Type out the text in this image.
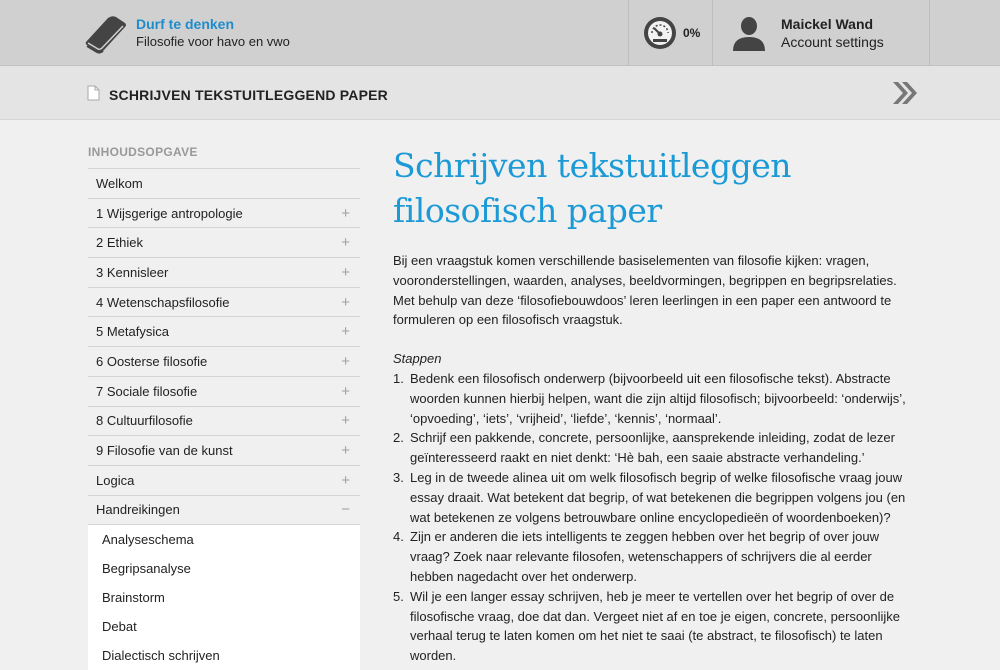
Durf te denken
Filosofie voor havo en vwo
0%
Maickel Wand
Account settings
SCHRIJVEN TEKSTUITLEGGEND PAPER
INHOUDSOPGAVE
Welkom
1 Wijsgerige antropologie	+
2 Ethiek	+
3 Kennisleer	+
4 Wetenschapsfilosofie	+
5 Metafysica	+
6 Oosterse filosofie	+
7 Sociale filosofie	+
8 Cultuurfilosofie	+
9 Filosofie van de kunst	+
Logica	+
Handreikingen	−
Analyseschema
Begripsanalyse
Brainstorm
Debat
Dialectisch schrijven
Schrijven tekstuitleggen filosofisch paper

Bij een vraagstuk komen verschillende basiselementen van filosofie kijken: vragen, vooronderstellingen, waarden, analyses, beeldvormingen, begrippen en begripsrelaties. Met behulp van deze ‘filosofiebouwdoos’ leren leerlingen in een paper een antwoord te formuleren op een filosofisch vraagstuk.

Stappen
1. Bedenk een filosofisch onderwerp (bijvoorbeeld uit een filosofische tekst). Abstracte woorden kunnen hierbij helpen, want die zijn altijd filosofisch; bijvoorbeeld: ‘onderwijs’, ‘opvoeding’, ‘iets’, ‘vrijheid’, ‘liefde’, ‘kennis’, ‘normaal’.
2. Schrijf een pakkende, concrete, persoonlijke, aansprekende inleiding, zodat de lezer geïnteresseerd raakt en niet denkt: ‘Hè bah, een saaie abstracte verhandeling.’
3. Leg in de tweede alinea uit om welk filosofisch begrip of welke filosofische vraag jouw essay draait. Wat betekent dat begrip, of wat betekenen die begrippen volgens jou (en wat betekenen ze volgens betrouwbare online encyclopedieën of woordenboeken)?
4. Zijn er anderen die iets intelligents te zeggen hebben over het begrip of over jouw vraag? Zoek naar relevante filosofen, wetenschappers of schrijvers die al eerder hebben nagedacht over het onderwerp.
5. Wil je een langer essay schrijven, heb je meer te vertellen over het begrip of over de filosofische vraag, doe dat dan. Vergeet niet af en toe je eigen, concrete, persoonlijke verhaal terug te laten komen om het niet te saai (te abstract, te filosofisch) te laten worden.
